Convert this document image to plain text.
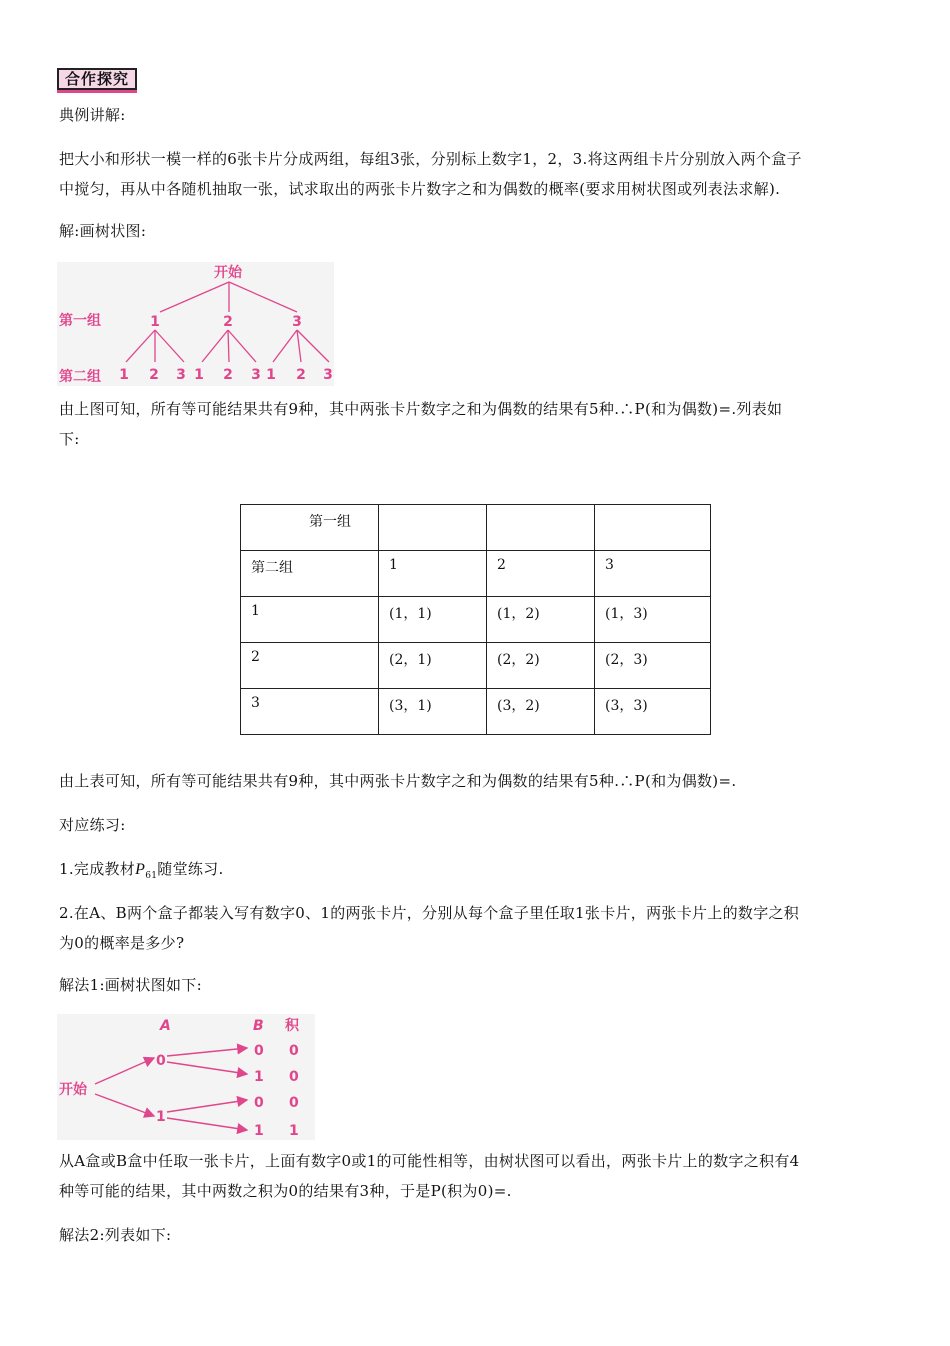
合作探究
典例讲解:
把大小和形状一模一样的6张卡片分成两组，每组3张，分别标上数字1，2，3.将这两组卡片分别放入两个盒子
中搅匀，再从中各随机抽取一张，试求取出的两张卡片数字之和为偶数的概率(要求用树状图或列表法求解).
解:画树状图:
开始
第一组
第二组
1	2	3
1 2 3 1 2 3 1 2 3
由上图可知，所有等可能结果共有9种，其中两张卡片数字之和为偶数的结果有5种.∴P(和为偶数)=.列表如
下:
第一组			
第二组	1	2	3
1	(1，1)	(1，2)	(1，3)
2	(2，1)	(2，2)	(2，3)
3	(3，1)	(3，2)	(3，3)
由上表可知，所有等可能结果共有9种，其中两张卡片数字之和为偶数的结果有5种.∴P(和为偶数)=.
对应练习:
1.完成教材$P_{61}$随堂练习.
2.在A、B两个盒子都装入写有数字0、1的两张卡片，分别从每个盒子里任取1张卡片，两张卡片上的数字之积
为0的概率是多少?
解法1:画树状图如下:
A	B 积
开始
0
1
0
1
0
1
0
0
0
1
从A盒或B盒中任取一张卡片，上面有数字0或1的可能性相等，由树状图可以看出，两张卡片上的数字之积有4
种等可能的结果，其中两数之积为0的结果有3种，于是P(积为0)=.
解法2:列表如下:
